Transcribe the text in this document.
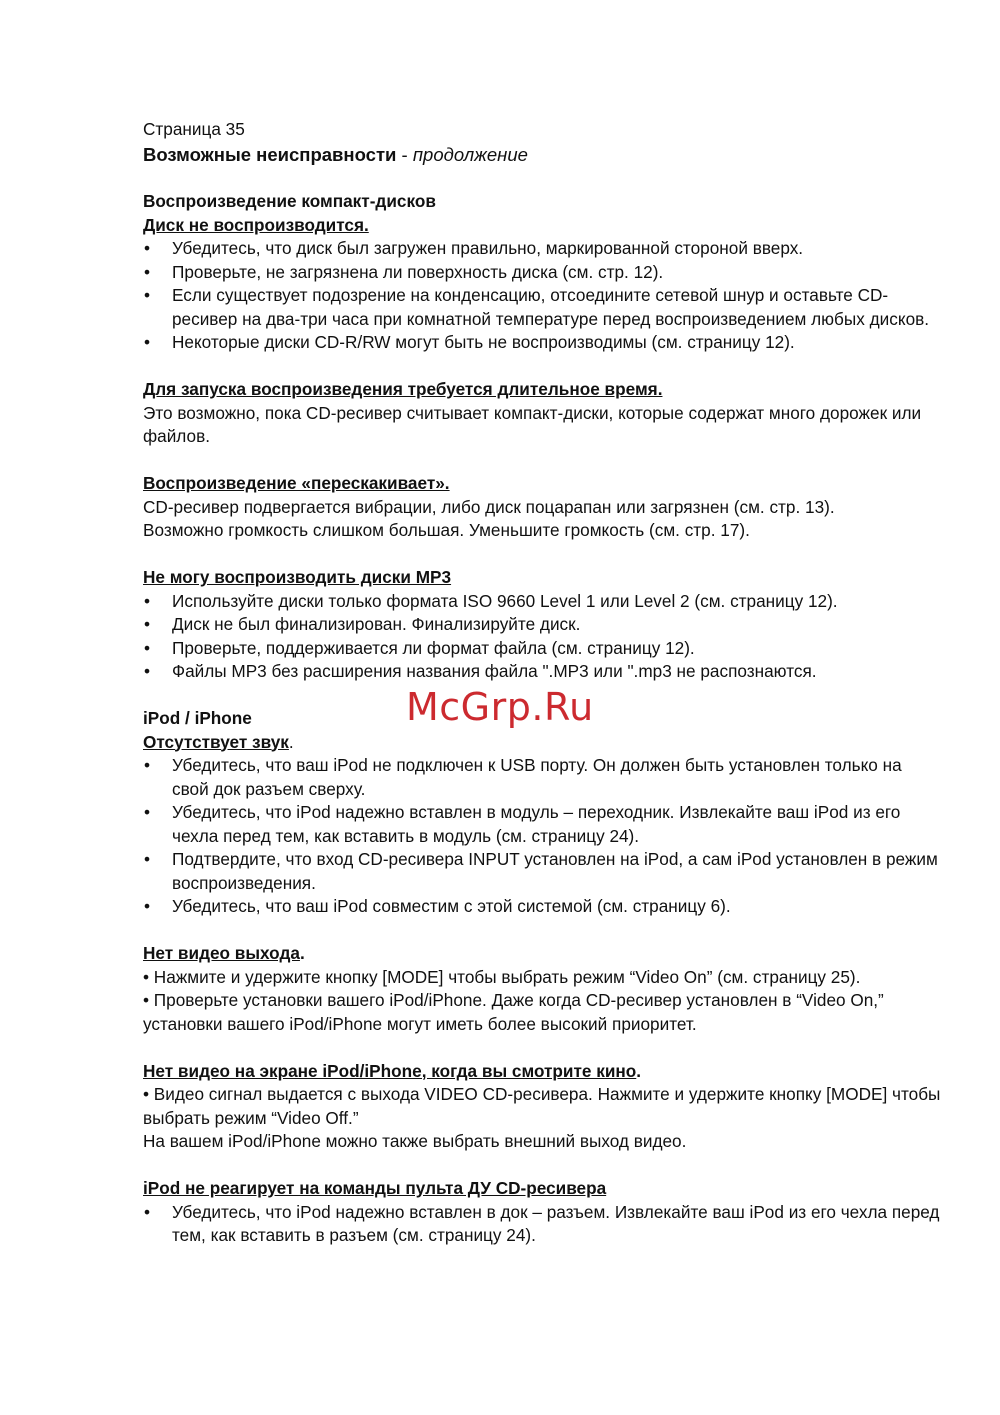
Страница 35

Возможные неисправности - продолжение

Воспроизведение компакт-дисков

Диск не воспроизводится.

• Убедитесь, что диск был загружен правильно, маркированной стороной вверх.
• Проверьте, не загрязнена ли поверхность диска (см. стр. 12).
• Если существует подозрение на конденсацию, отсоедините сетевой шнур и оставьте CD-ресивер на два-три часа при комнатной температуре перед воспроизведением любых дисков.
• Некоторые диски CD-R/RW могут быть не воспроизводимы (см. страницу 12).

Для запуска воспроизведения требуется длительное время.

Это возможно, пока CD-ресивер считывает компакт-диски, которые содержат много дорожек или файлов.

Воспроизведение «перескакивает».

CD-ресивер подвергается вибрации, либо диск поцарапан или загрязнен (см. стр. 13).

Возможно громкость слишком большая. Уменьшите громкость (см. стр. 17).

Не могу воспроизводить диски MP3

• Используйте диски только формата ISO 9660 Level 1 или Level 2 (см. страницу 12).
• Диск не был финализирован. Финализируйте диск.
• Проверьте, поддерживается ли формат файла (см. страницу 12).
• Файлы MP3 без расширения названия файла ".MP3 или ".mp3 не распознаются.

iPod / iPhone

Отсутствует звук.

• Убедитесь, что ваш iPod не подключен к USB порту. Он должен быть установлен только на свой док разъем сверху.
• Убедитесь, что iPod надежно вставлен в модуль – переходник. Извлекайте ваш iPod из его чехла перед тем, как вставить в модуль (см. страницу 24).
• Подтвердите, что вход CD-ресивера INPUT установлен на iPod, а сам iPod установлен в режим воспроизведения.
• Убедитесь, что ваш iPod совместим с этой системой (см. страницу 6).

Нет видео выхода.

• Нажмите и удержите кнопку [MODE] чтобы выбрать режим “Video On” (см. страницу 25).

• Проверьте установки вашего iPod/iPhone. Даже когда CD-ресивер установлен в “Video On,” установки вашего iPod/iPhone могут иметь более высокий приоритет.

Нет видео на экране iPod/iPhone, когда вы смотрите кино.

• Видео сигнал выдается с выхода VIDEO CD-ресивера. Нажмите и удержите кнопку [MODE] чтобы выбрать режим “Video Off.”

На вашем iPod/iPhone можно также выбрать внешний выход видео.

iPod не реагирует на команды пульта ДУ CD-ресивера

• Убедитесь, что iPod надежно вставлен в док – разъем. Извлекайте ваш iPod из его чехла перед тем, как вставить в разъем (см. страницу 24).
McGrp.Ru
